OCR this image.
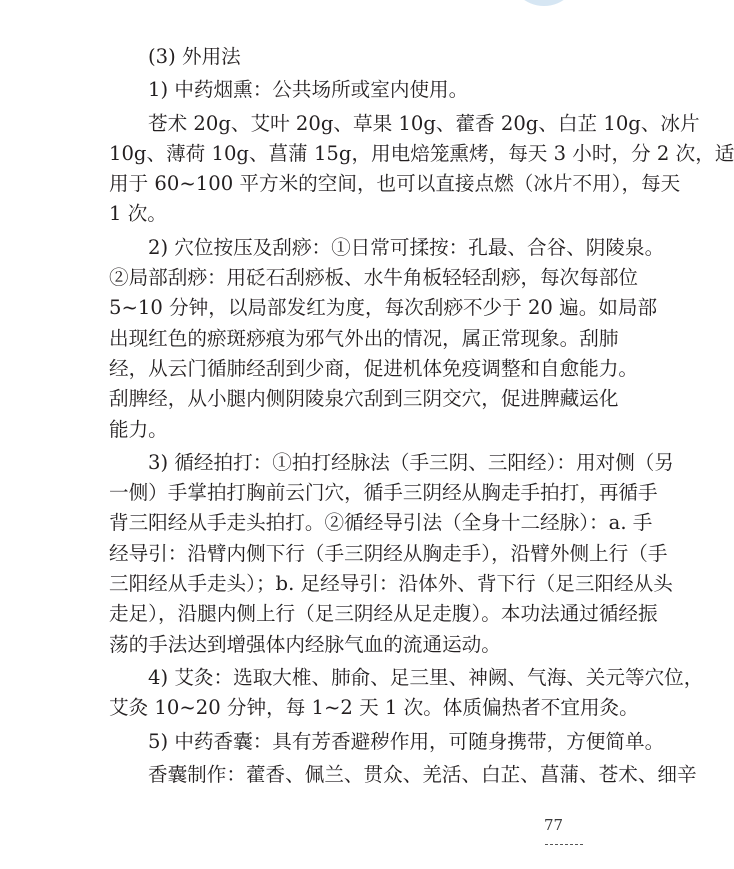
(3) 外用法

1) 中药烟熏：公共场所或室内使用。

苍术 20g、艾叶 20g、草果 10g、藿香 20g、白芷 10g、冰片
10g、薄荷 10g、菖蒲 15g，用电焙笼熏烤，每天 3 小时，分 2 次，适
用于 60~100 平方米的空间，也可以直接点燃（冰片不用），每天
1 次。

2) 穴位按压及刮痧：①日常可揉按：孔最、合谷、阴陵泉。
②局部刮痧：用砭石刮痧板、水牛角板轻轻刮痧，每次每部位
5~10 分钟，以局部发红为度，每次刮痧不少于 20 遍。如局部
出现红色的瘀斑痧痕为邪气外出的情况，属正常现象。刮肺
经，从云门循肺经刮到少商，促进机体免疫调整和自愈能力。
刮脾经，从小腿内侧阴陵泉穴刮到三阴交穴，促进脾藏运化
能力。

3) 循经拍打：①拍打经脉法（手三阴、三阳经）：用对侧（另
一侧）手掌拍打胸前云门穴，循手三阴经从胸走手拍打，再循手
背三阳经从手走头拍打。②循经导引法（全身十二经脉）：a. 手
经导引：沿臂内侧下行（手三阴经从胸走手），沿臂外侧上行（手
三阳经从手走头）；b. 足经导引：沿体外、背下行（足三阳经从头
走足），沿腿内侧上行（足三阴经从足走腹）。本功法通过循经振
荡的手法达到增强体内经脉气血的流通运动。

4) 艾灸：选取大椎、肺俞、足三里、神阙、气海、关元等穴位，
艾灸 10~20 分钟，每 1~2 天 1 次。体质偏热者不宜用灸。

5) 中药香囊：具有芳香避秽作用，可随身携带，方便简单。

香囊制作：藿香、佩兰、贯众、羌活、白芷、菖蒲、苍术、细辛

77
